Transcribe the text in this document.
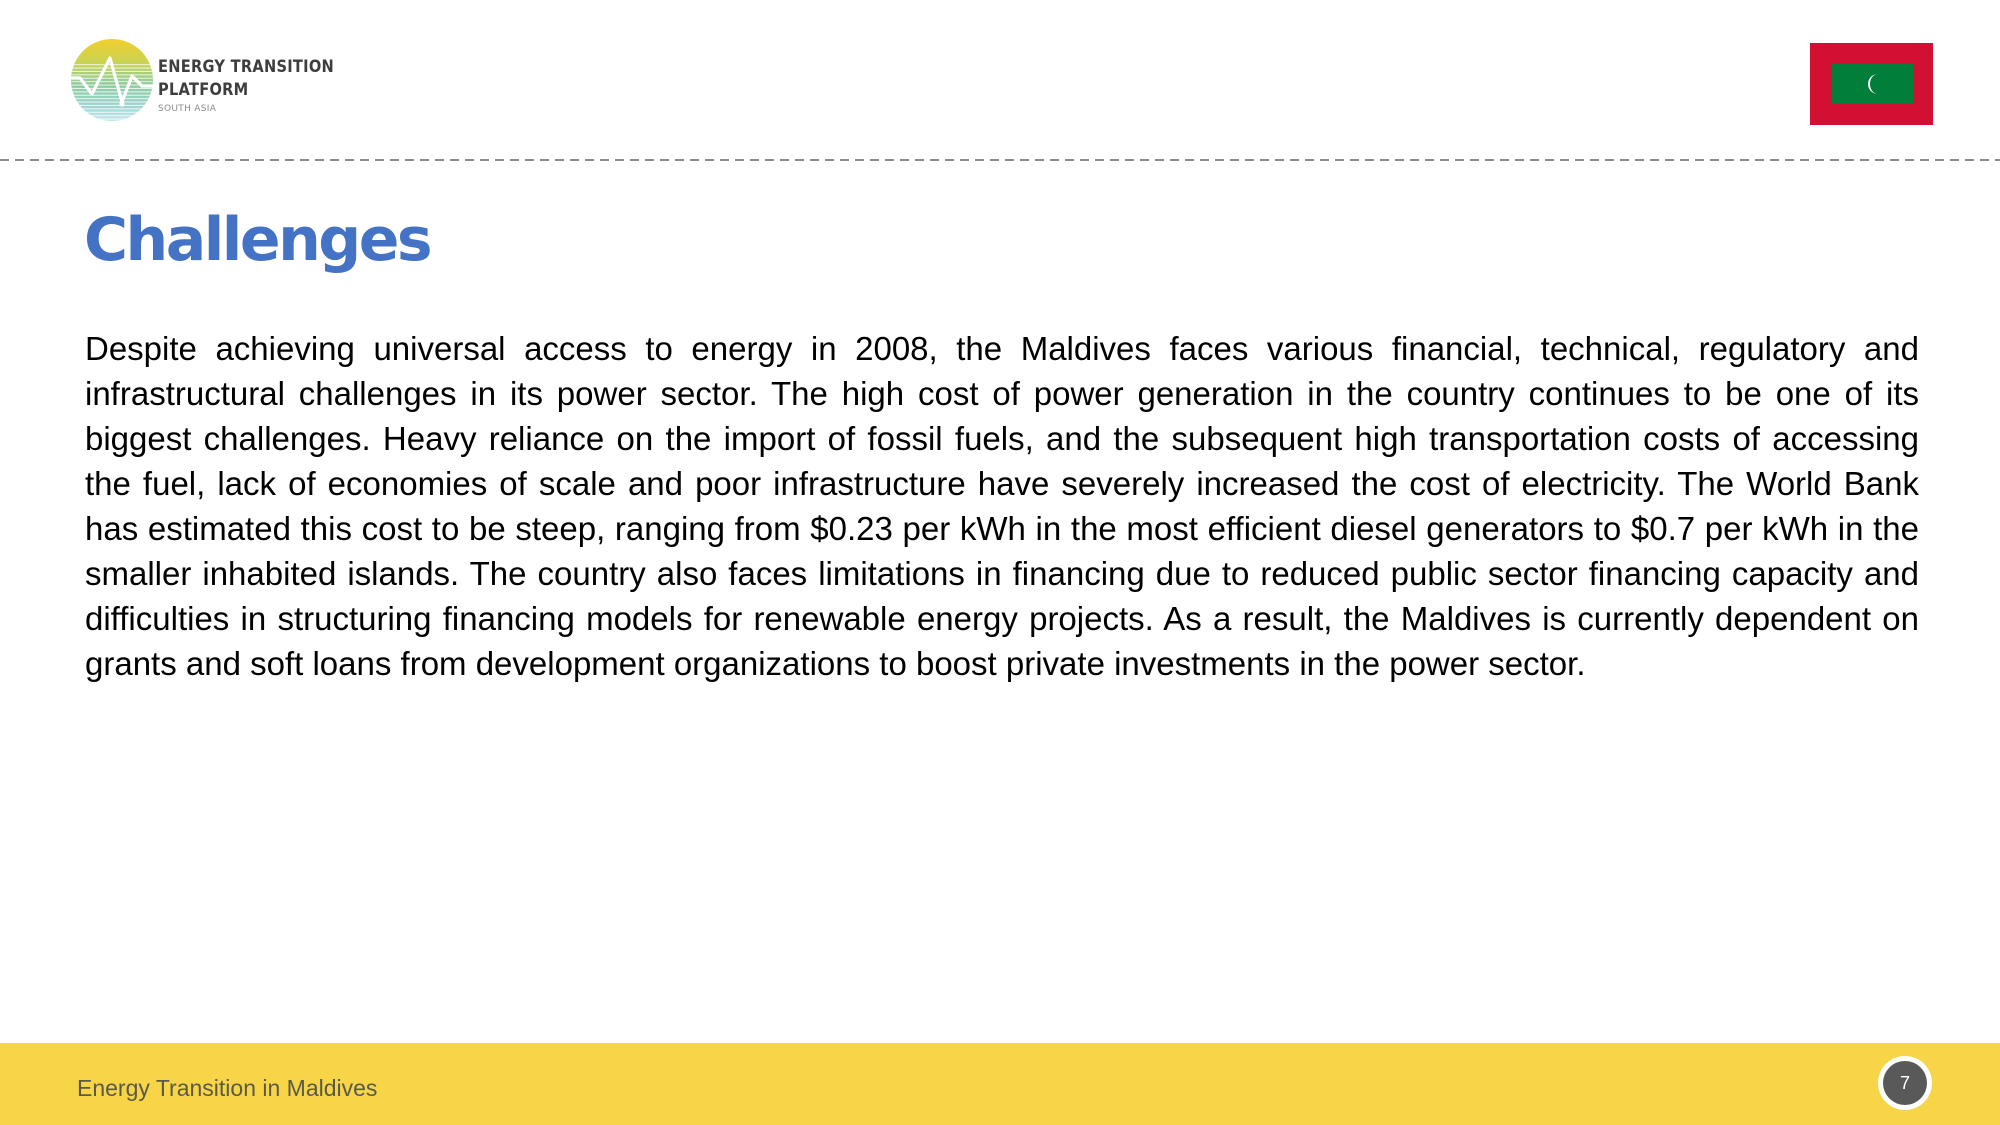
ENERGY TRANSITION
PLATFORM
SOUTH ASIA
Challenges

Despite achieving universal access to energy in 2008, the Maldives faces various financial, technical, regulatory and infrastructural challenges in its power sector. The high cost of power generation in the country continues to be one of its biggest challenges. Heavy reliance on the import of fossil fuels, and the subsequent high transportation costs of accessing the fuel, lack of economies of scale and poor infrastructure have severely increased the cost of electricity. The World Bank has estimated this cost to be steep, ranging from $0.23 per kWh in the most efficient diesel generators to $0.7 per kWh in the smaller inhabited islands. The country also faces limitations in financing due to reduced public sector financing capacity and difficulties in structuring financing models for renewable energy projects. As a result, the Maldives is currently dependent on grants and soft loans from development organizations to boost private investments in the power sector.

Energy Transition in Maldives	7
